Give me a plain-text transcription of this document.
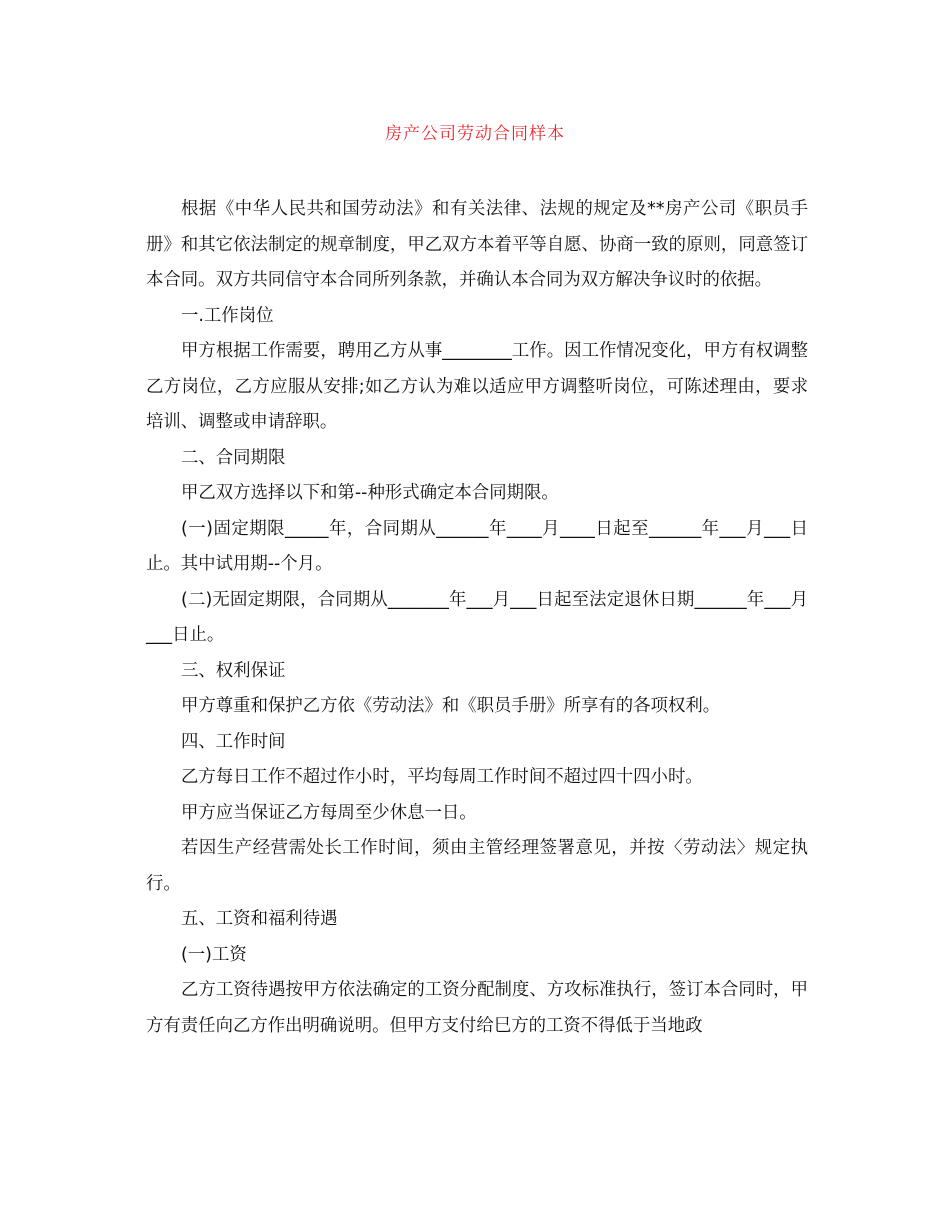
房产公司劳动合同样本

根据《中华人民共和国劳动法》和有关法律、法规的规定及**房产公司《职员手册》和其它依法制定的规章制度，甲乙双方本着平等自愿、协商一致的原则，同意签订本合同。双方共同信守本合同所列条款，并确认本合同为双方解决争议时的依据。

一.工作岗位

甲方根据工作需要，聘用乙方从事________工作。因工作情况变化，甲方有权调整乙方岗位，乙方应服从安排;如乙方认为难以适应甲方调整听岗位，可陈述理由，要求培训、调整或申请辞职。

二、合同期限

甲乙双方选择以下和第--种形式确定本合同期限。

(一)固定期限_____年，合同期从______年____月____日起至______年___月___日止。其中试用期--个月。

(二)无固定期限，合同期从_______年___月___日起至法定退休日期______年___月___日止。

三、权利保证

甲方尊重和保护乙方依《劳动法》和《职员手册》所享有的各项权利。

四、工作时间

乙方每日工作不超过作小时，平均每周工作时间不超过四十四小时。

甲方应当保证乙方每周至少休息一日。

若因生产经营需处长工作时间，须由主管经理签署意见，并按〈劳动法〉规定执行。

五、工资和福利待遇

(一)工资

乙方工资待遇按甲方依法确定的工资分配制度、方攻标准执行，签订本合同时，甲方有责任向乙方作出明确说明。但甲方支付给巳方的工资不得低于当地政
